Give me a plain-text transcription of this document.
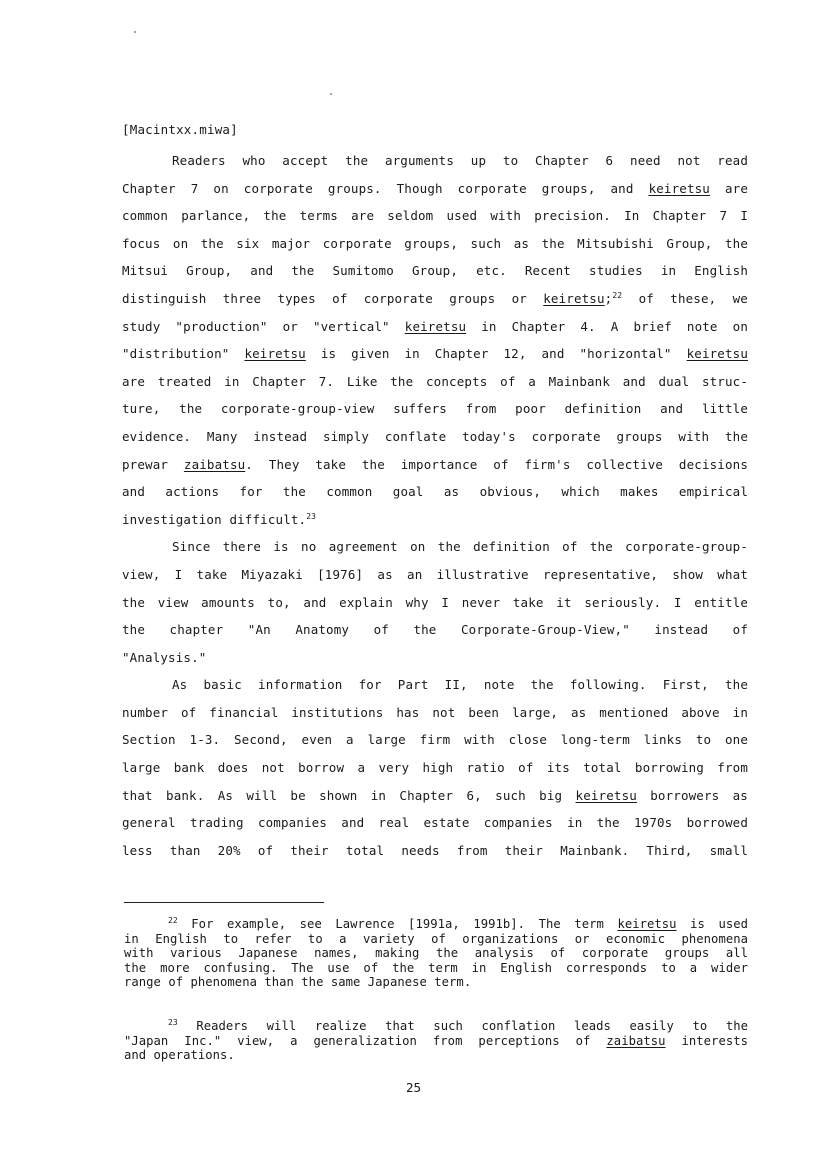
[Macintxx.miwa]
Readers who accept the arguments up to Chapter 6 need not read
Chapter 7 on corporate groups. Though corporate groups, and keiretsu are
common parlance, the terms are seldom used with precision. In Chapter 7 I
focus on the six major corporate groups, such as the Mitsubishi Group, the
Mitsui Group, and the Sumitomo Group, etc. Recent studies in English
distinguish three types of corporate groups or keiretsu;$^{22}$ of these, we
study "production" or "vertical" keiretsu in Chapter 4. A brief note on
"distribution" keiretsu is given in Chapter 12, and "horizontal" keiretsu
are treated in Chapter 7. Like the concepts of a Mainbank and dual struc-
ture, the corporate-group-view suffers from poor definition and little
evidence. Many instead simply conflate today's corporate groups with the
prewar zaibatsu. They take the importance of firm's collective decisions
and actions for the common goal as obvious, which makes empirical
investigation difficult.$^{23}$
Since there is no agreement on the definition of the corporate-group-
view, I take Miyazaki [1976] as an illustrative representative, show what
the view amounts to, and explain why I never take it seriously. I entitle
the chapter "An Anatomy of the Corporate-Group-View," instead of
"Analysis."
As basic information for Part II, note the following. First, the
number of financial institutions has not been large, as mentioned above in
Section 1-3. Second, even a large firm with close long-term links to one
large bank does not borrow a very high ratio of its total borrowing from
that bank. As will be shown in Chapter 6, such big keiretsu borrowers as
general trading companies and real estate companies in the 1970s borrowed
less than 20% of their total needs from their Mainbank. Third, small
$^{22}$ For example, see Lawrence [1991a, 1991b]. The term keiretsu is used
in English to refer to a variety of organizations or economic phenomena
with various Japanese names, making the analysis of corporate groups all
the more confusing. The use of the term in English corresponds to a wider
range of phenomena than the same Japanese term.
$^{23}$ Readers will realize that such conflation leads easily to the
"Japan Inc." view, a generalization from perceptions of zaibatsu interests
and operations.
25
